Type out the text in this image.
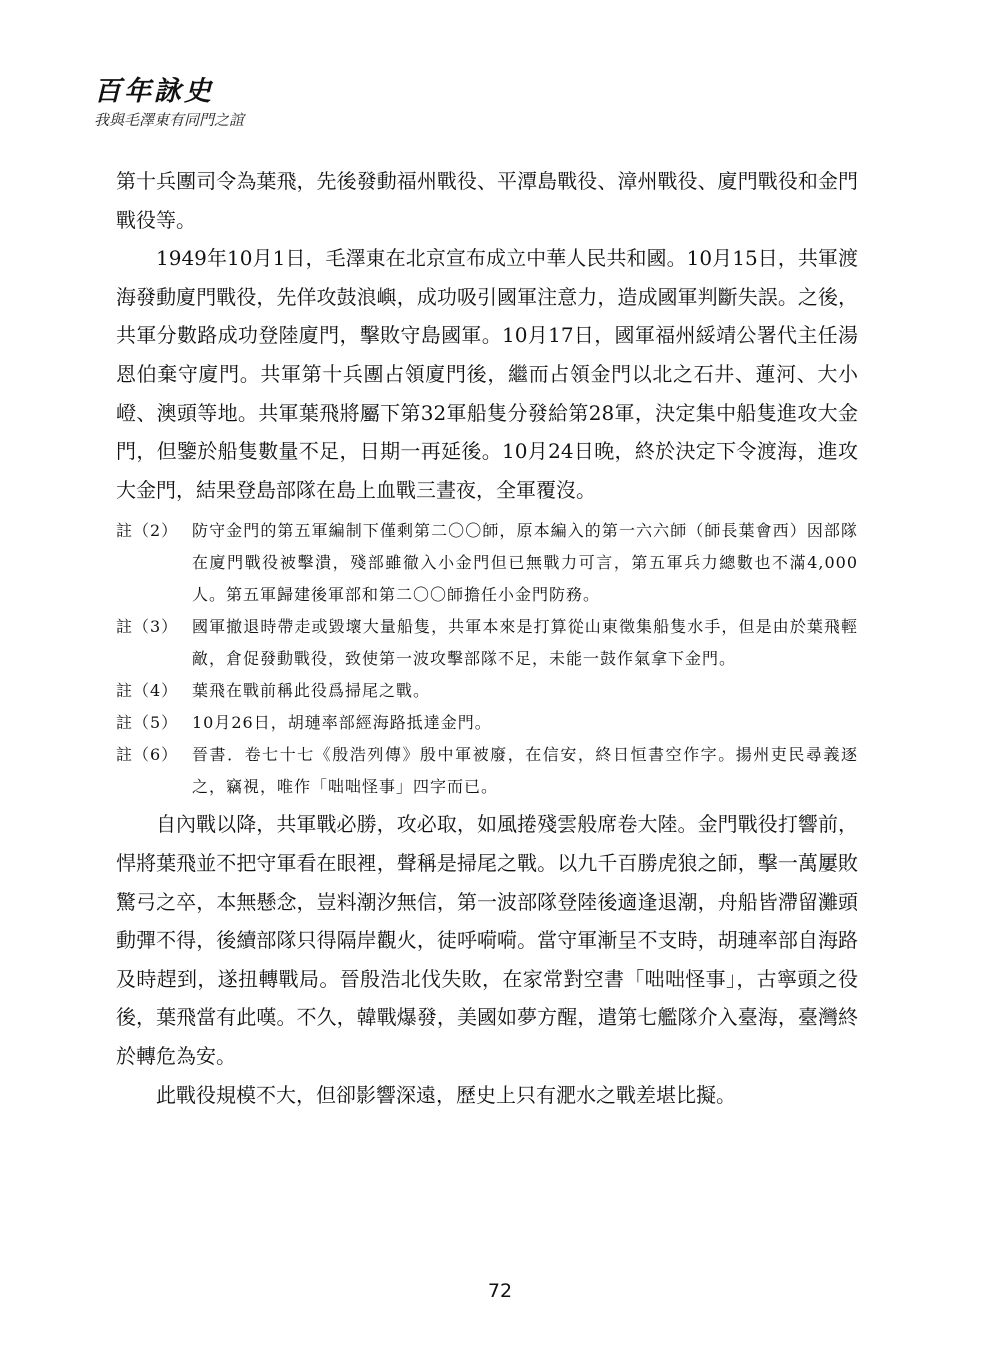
百年詠史
我與毛澤東有同門之誼

第十兵團司令為葉飛，先後發動福州戰役、平潭島戰役、漳州戰役、廈門戰役和金門戰役等。

1949年10月1日，毛澤東在北京宣布成立中華人民共和國。10月15日，共軍渡海發動廈門戰役，先佯攻鼓浪嶼，成功吸引國軍注意力，造成國軍判斷失誤。之後，共軍分數路成功登陸廈門，擊敗守島國軍。10月17日，國軍福州綏靖公署代主任湯恩伯棄守廈門。共軍第十兵團占領廈門後，繼而占領金門以北之石井、蓮河、大小嶝、澳頭等地。共軍葉飛將屬下第32軍船隻分發給第28軍，決定集中船隻進攻大金門，但鑒於船隻數量不足，日期一再延後。10月24日晚，終於決定下令渡海，進攻大金門，結果登島部隊在島上血戰三晝夜，全軍覆沒。

註（2） 防守金門的第五軍編制下僅剩第二〇〇師，原本編入的第一六六師（師長葉會西）因部隊在廈門戰役被擊潰，殘部雖徹入小金門但已無戰力可言，第五軍兵力總數也不滿4,000人。第五軍歸建後軍部和第二〇〇師擔任小金門防務。
註（3） 國軍撤退時帶走或毀壞大量船隻，共軍本來是打算從山東徵集船隻水手，但是由於葉飛輕敵，倉促發動戰役，致使第一波攻擊部隊不足，未能一鼓作氣拿下金門。
註（4） 葉飛在戰前稱此役爲掃尾之戰。
註（5） 10月26日，胡璉率部經海路抵達金門。
註（6） 晉書．卷七十七《殷浩列傳》殷中軍被廢，在信安，終日恒書空作字。揚州吏民尋義逐之，竊視，唯作「咄咄怪事」四字而已。

自內戰以降，共軍戰必勝，攻必取，如風捲殘雲般席卷大陸。金門戰役打響前，悍將葉飛並不把守軍看在眼裡，聲稱是掃尾之戰。以九千百勝虎狼之師，擊一萬屢敗驚弓之卒，本無懸念，豈料潮汐無信，第一波部隊登陸後適逢退潮，舟船皆滯留灘頭動彈不得，後續部隊只得隔岸觀火，徒呼嗬嗬。當守軍漸呈不支時，胡璉率部自海路及時趕到，遂扭轉戰局。晉殷浩北伐失敗，在家常對空書「咄咄怪事」，古寧頭之役後，葉飛當有此嘆。不久，韓戰爆發，美國如夢方醒，遣第七艦隊介入臺海，臺灣終於轉危為安。

此戰役規模不大，但卻影響深遠，歷史上只有淝水之戰差堪比擬。

72
